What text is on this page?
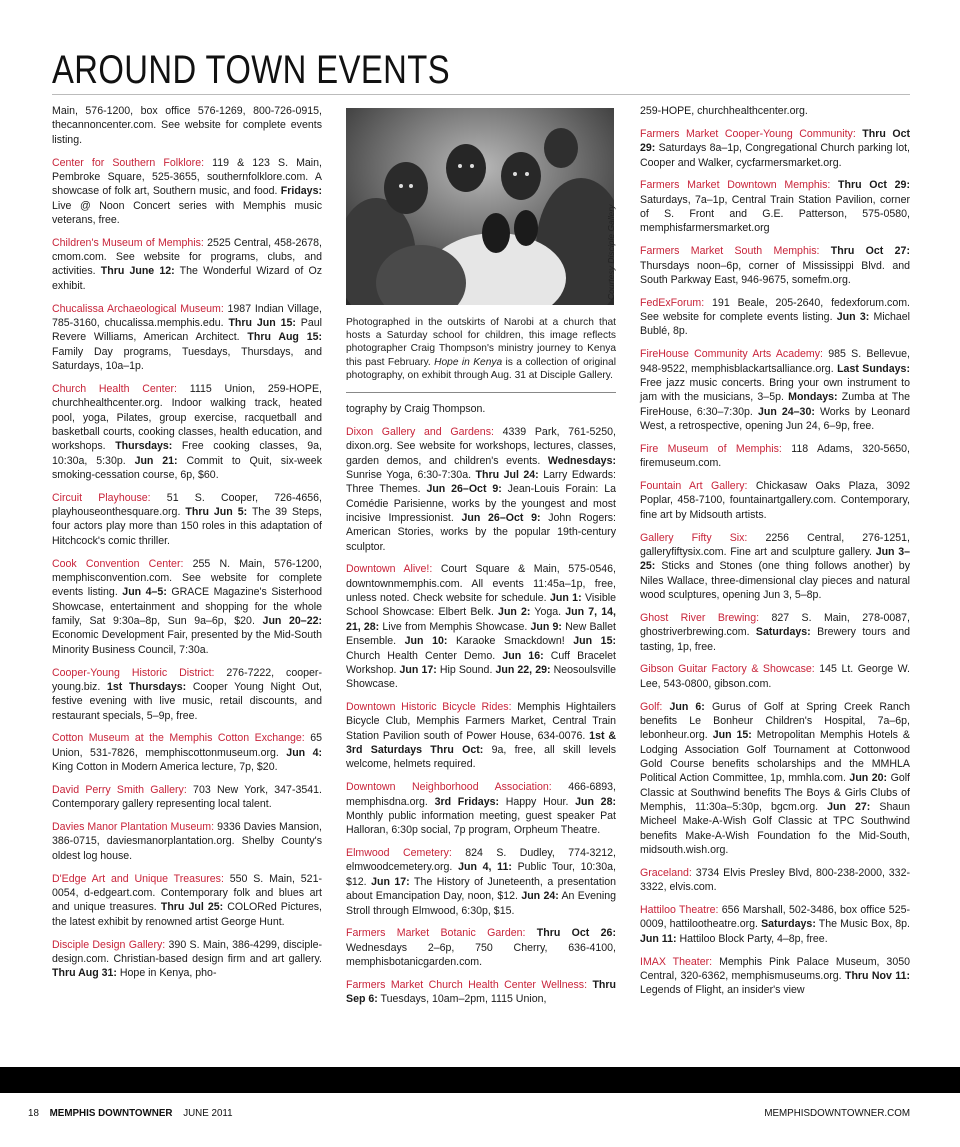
AROUND TOWN EVENTS

Main, 576-1200, box office 576-1269, 800-726-0915, thecannoncenter.com. See website for complete events listing.

Center for Southern Folklore: 119 & 123 S. Main, Pembroke Square, 525-3655, southernfolklore.com. A showcase of folk art, Southern music, and food. Fridays: Live @ Noon Concert series with Memphis music veterans, free.

Children's Museum of Memphis: 2525 Central, 458-2678, cmom.com. See website for programs, clubs, and activities. Thru June 12: The Wonderful Wizard of Oz exhibit.

Chucalissa Archaeological Museum: 1987 Indian Village, 785-3160, chucalissa.memphis.edu. Thru Jun 15: Paul Revere Williams, American Architect. Thru Aug 15: Family Day programs, Tuesdays, Thursdays, and Saturdays, 10a–1p.

Church Health Center: 1115 Union, 259-HOPE, churchhealthcenter.org. Indoor walking track, heated pool, yoga, Pilates, group exercise, racquetball and basketball courts, cooking classes, health education, and workshops. Thursdays: Free cooking classes, 9a, 10:30a, 5:30p. Jun 21: Commit to Quit, six-week smoking-cessation course, 6p, $60.

Circuit Playhouse: 51 S. Cooper, 726-4656, playhouseonthesquare.org. Thru Jun 5: The 39 Steps, four actors play more than 150 roles in this adaptation of Hitchcock's comic thriller.

Cook Convention Center: 255 N. Main, 576-1200, memphisconvention.com. See website for complete events listing. Jun 4–5: GRACE Magazine's Sisterhood Showcase, entertainment and shopping for the whole family, Sat 9:30a–8p, Sun 9a–6p, $20. Jun 20–22: Economic Development Fair, presented by the Mid-South Minority Business Council, 7:30a.

Cooper-Young Historic District: 276-7222, cooper-young.biz. 1st Thursdays: Cooper Young Night Out, festive evening with live music, retail discounts, and restaurant specials, 5–9p, free.

Cotton Museum at the Memphis Cotton Exchange: 65 Union, 531-7826, memphiscottonmuseum.org. Jun 4: King Cotton in Modern America lecture, 7p, $20.

David Perry Smith Gallery: 703 New York, 347-3541. Contemporary gallery representing local talent.

Davies Manor Plantation Museum: 9336 Davies Mansion, 386-0715, daviesmanorplantation.org. Shelby County's oldest log house.

D'Edge Art and Unique Treasures: 550 S. Main, 521-0054, d-edgeart.com. Contemporary folk and blues art and unique treasures. Thru Jul 25: COLORed Pictures, the latest exhibit by renowned artist George Hunt.

Disciple Design Gallery: 390 S. Main, 386-4299, disciple-design.com. Christian-based design firm and art gallery. Thru Aug 31: Hope in Kenya, pho-

Courtesy Disciple Gallery

Photographed in the outskirts of Narobi at a church that hosts a Saturday school for children, this image reflects photographer Craig Thompson's ministry journey to Kenya this past February. Hope in Kenya is a collection of original photography, on exhibit through Aug. 31 at Disciple Gallery.

tography by Craig Thompson.

Dixon Gallery and Gardens: 4339 Park, 761-5250, dixon.org. See website for workshops, lectures, classes, garden demos, and children's events. Wednesdays: Sunrise Yoga, 6:30-7:30a. Thru Jul 24: Larry Edwards: Three Themes. Jun 26–Oct 9: Jean-Louis Forain: La Comédie Parisienne, works by the youngest and most incisive Impressionist. Jun 26–Oct 9: John Rogers: American Stories, works by the popular 19th-century sculptor.

Downtown Alive!: Court Square & Main, 575-0546, downtownmemphis.com. All events 11:45a–1p, free, unless noted. Check website for schedule. Jun 1: Visible School Showcase: Elbert Belk. Jun 2: Yoga. Jun 7, 14, 21, 28: Live from Memphis Showcase. Jun 9: New Ballet Ensemble. Jun 10: Karaoke Smackdown! Jun 15: Church Health Center Demo. Jun 16: Cuff Bracelet Workshop. Jun 17: Hip Sound. Jun 22, 29: Neosoulsville Showcase.

Downtown Historic Bicycle Rides: Memphis Hightailers Bicycle Club, Memphis Farmers Market, Central Train Station Pavilion south of Power House, 634-0076. 1st & 3rd Saturdays Thru Oct: 9a, free, all skill levels welcome, helmets required.

Downtown Neighborhood Association: 466-6893, memphisdna.org. 3rd Fridays: Happy Hour. Jun 28: Monthly public information meeting, guest speaker Pat Halloran, 6:30p social, 7p program, Orpheum Theatre.

Elmwood Cemetery: 824 S. Dudley, 774-3212, elmwoodcemetery.org. Jun 4, 11: Public Tour, 10:30a, $12. Jun 17: The History of Juneteenth, a presentation about Emancipation Day, noon, $12. Jun 24: An Evening Stroll through Elmwood, 6:30p, $15.

Farmers Market Botanic Garden: Thru Oct 26: Wednesdays 2–6p, 750 Cherry, 636-4100, memphisbotanicgarden.com.

Farmers Market Church Health Center Wellness: Thru Sep 6: Tuesdays, 10am–2pm, 1115 Union,

259-HOPE, churchhealthcenter.org.

Farmers Market Cooper-Young Community: Thru Oct 29: Saturdays 8a–1p, Congregational Church parking lot, Cooper and Walker, cycfarmersmarket.org.

Farmers Market Downtown Memphis: Thru Oct 29: Saturdays, 7a–1p, Central Train Station Pavilion, corner of S. Front and G.E. Patterson, 575-0580, memphisfarmersmarket.org

Farmers Market South Memphis: Thru Oct 27: Thursdays noon–6p, corner of Mississippi Blvd. and South Parkway East, 946-9675, somefm.org.

FedExForum: 191 Beale, 205-2640, fedexforum.com. See website for complete events listing. Jun 3: Michael Bublé, 8p.

FireHouse Community Arts Academy: 985 S. Bellevue, 948-9522, memphisblackartsalliance.org. Last Sundays: Free jazz music concerts. Bring your own instrument to jam with the musicians, 3–5p. Mondays: Zumba at The FireHouse, 6:30–7:30p. Jun 24–30: Works by Leonard West, a retrospective, opening Jun 24, 6–9p, free.

Fire Museum of Memphis: 118 Adams, 320-5650, firemuseum.com.

Fountain Art Gallery: Chickasaw Oaks Plaza, 3092 Poplar, 458-7100, fountainartgallery.com. Contemporary, fine art by Midsouth artists.

Gallery Fifty Six: 2256 Central, 276-1251, galleryfiftysix.com. Fine art and sculpture gallery. Jun 3–25: Sticks and Stones (one thing follows another) by Niles Wallace, three-dimensional clay pieces and natural wood sculptures, opening Jun 3, 5–8p.

Ghost River Brewing: 827 S. Main, 278-0087, ghostriverbrewing.com. Saturdays: Brewery tours and tasting, 1p, free.

Gibson Guitar Factory & Showcase: 145 Lt. George W. Lee, 543-0800, gibson.com.

Golf: Jun 6: Gurus of Golf at Spring Creek Ranch benefits Le Bonheur Children's Hospital, 7a–6p, lebonheur.org. Jun 15: Metropolitan Memphis Hotels & Lodging Association Golf Tournament at Cottonwood Gold Course benefits scholarships and the MMHLA Political Action Committee, 1p, mmhla.com. Jun 20: Golf Classic at Southwind benefits The Boys & Girls Clubs of Memphis, 11:30a–5:30p, bgcm.org. Jun 27: Shaun Micheel Make-A-Wish Golf Classic at TPC Southwind benefits Make-A-Wish Foundation fo the Mid-South, midsouth.wish.org.

Graceland: 3734 Elvis Presley Blvd, 800-238-2000, 332-3322, elvis.com.

Hattiloo Theatre: 656 Marshall, 502-3486, box office 525-0009, hattilootheatre.org. Saturdays: The Music Box, 8p. Jun 11: Hattiloo Block Party, 4–8p, free.

IMAX Theater: Memphis Pink Palace Museum, 3050 Central, 320-6362, memphismuseums.org. Thru Nov 11: Legends of Flight, an insider's view

18 MEMPHIS DOWNTOWNER JUNE 2011	MEMPHISDOWNTOWNER.COM
